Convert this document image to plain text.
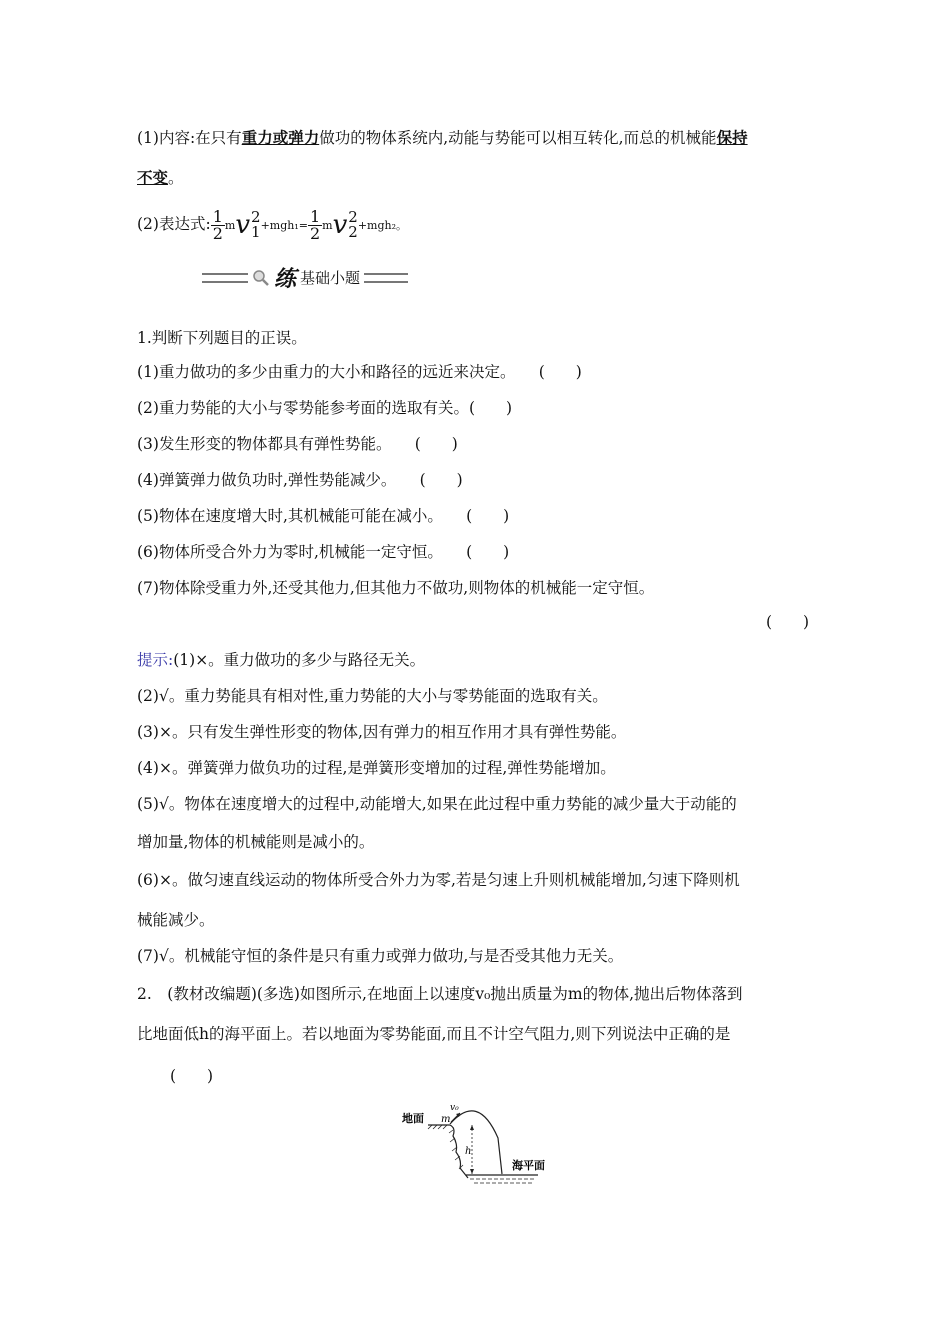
(1)内容:在只有重力或弹力做功的物体系统内,动能与势能可以相互转化,而总的机械能保持
不变。
(2)表达式: $\frac{1}{2}$ mv 2
$1 +mgh_1= \frac{1}{2}$ mv 2
2 +mgh₂。
练 基础小题
1.判断下列题目的正误。
(1)重力做功的多少由重力的大小和路径的远近来决定。　　(　　)
(2)重力势能的大小与零势能参考面的选取有关。(　　)
(3)发生形变的物体都具有弹性势能。　　(　　)
(4)弹簧弹力做负功时,弹性势能减少。　　(　　)
(5)物体在速度增大时,其机械能可能在减小。　　(　　)
(6)物体所受合外力为零时,机械能一定守恒。　　(　　)
(7)物体除受重力外,还受其他力,但其他力不做功,则物体的机械能一定守恒。
(　　)
提示:(1)×。重力做功的多少与路径无关。
(2)√。重力势能具有相对性,重力势能的大小与零势能面的选取有关。
(3)×。只有发生弹性形变的物体,因有弹力的相互作用才具有弹性势能。
(4)×。弹簧弹力做负功的过程,是弹簧形变增加的过程,弹性势能增加。
(5)√。物体在速度增大的过程中,动能增大,如果在此过程中重力势能的减少量大于动能的
增加量,物体的机械能则是减小的。
(6)×。做匀速直线运动的物体所受合外力为零,若是匀速上升则机械能增加,匀速下降则机
械能减少。
(7)√。机械能守恒的条件是只有重力或弹力做功,与是否受其他力无关。
2.　(教材改编题)(多选)如图所示,在地面上以速度v₀抛出质量为m的物体,抛出后物体落到
比地面低h的海平面上。若以地面为零势能面,而且不计空气阻力,则下列说法中正确的是
(　　)
地面 m
v₀
h
海平面
